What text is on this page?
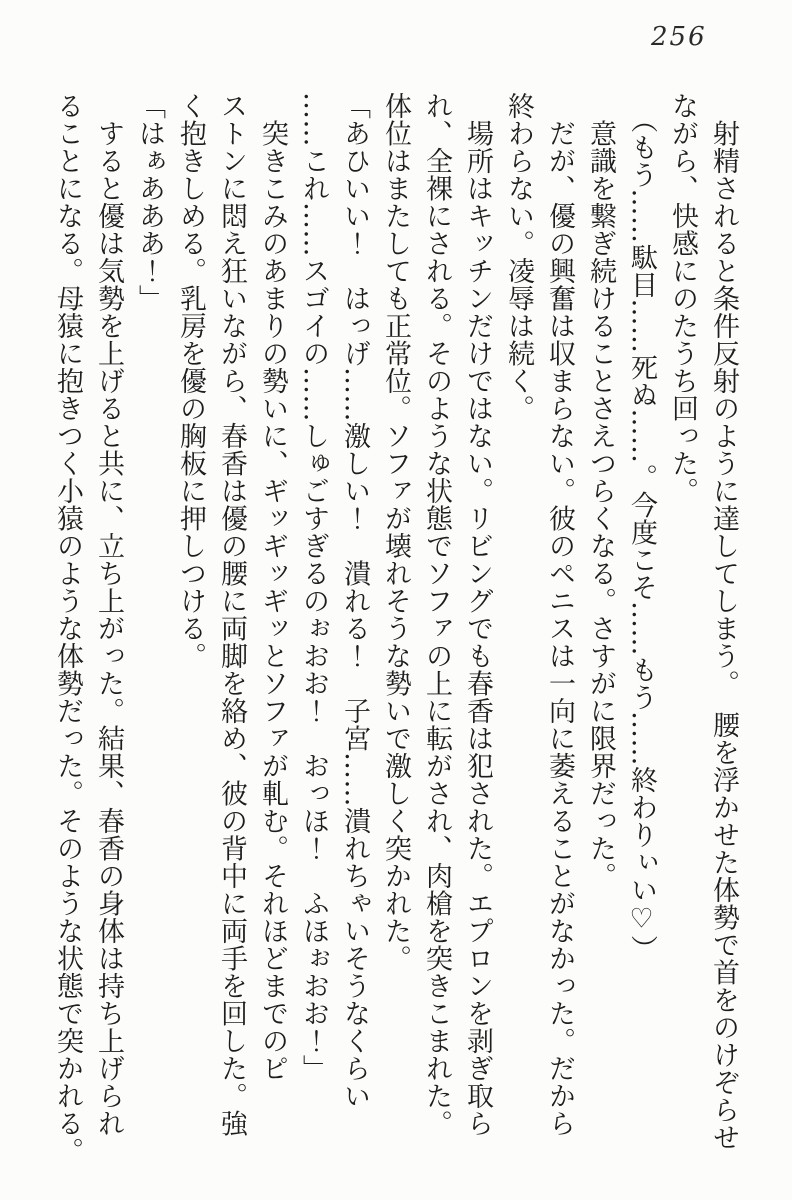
256

　射精されると条件反射のように達してしまう。　腰を浮かせた体勢で首をのけぞらせ

ながら、快感にのたうち回った。

　（もう……駄目……死ぬ……。今度こそ……もう……終わりぃい♡）

　意識を繋ぎ続けることさえつらくなる。さすがに限界だった。

　だが、優の興奮は収まらない。彼のペニスは一向に萎えることがなかった。だから

終わらない。凌辱は続く。

　場所はキッチンだけではない。リビングでも春香は犯された。エプロンを剥ぎ取ら

れ、全裸にされる。そのような状態でソファの上に転がされ、肉槍を突きこまれた。

体位はまたしても正常位。ソファが壊れそうな勢いで激しく突かれた。

「あひいい！　はっげ……激しい！　潰れる！　子宮……潰れちゃいそうなくらい

……これ……スゴイの……しゅごすぎるのぉおお！　おっほ！　ふほぉおお！」

　突きこみのあまりの勢いに、ギッギッギッとソファが軋む。それほどまでのピ

ストンに悶え狂いながら、春香は優の腰に両脚を絡め、彼の背中に両手を回した。強

く抱きしめる。乳房を優の胸板に押しつける。

「はぁあああ！」

　すると優は気勢を上げると共に、立ち上がった。結果、春香の身体は持ち上げられ

ることになる。母猿に抱きつく小猿のような体勢だった。そのような状態で突かれる。
